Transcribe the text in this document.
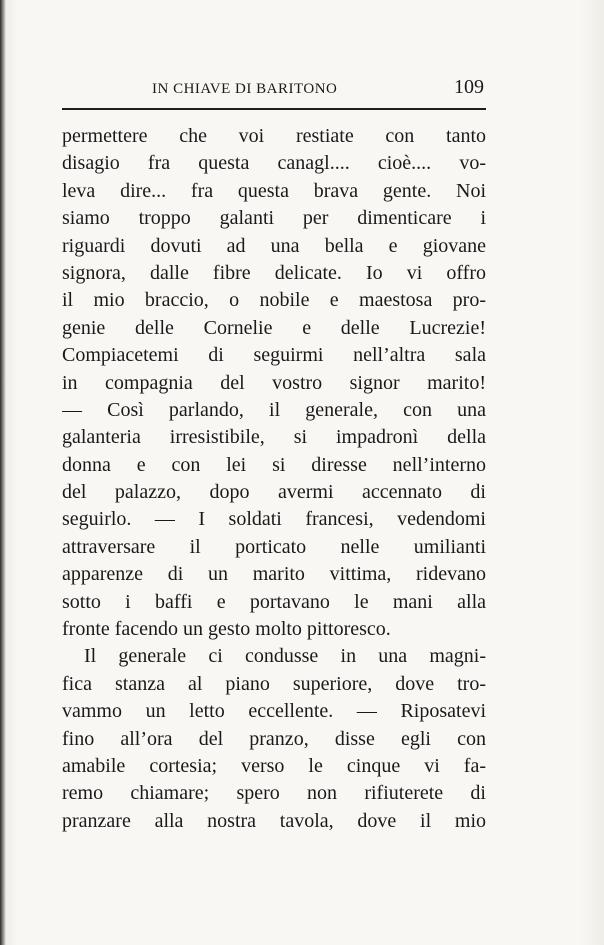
IN CHIAVE DI BARITONO	109
permettere che voi restiate con tanto
disagio fra questa canagl.... cioè.... vo-
leva dire... fra questa brava gente. Noi
siamo troppo galanti per dimenticare i
riguardi dovuti ad una bella e giovane
signora, dalle fibre delicate. Io vi offro
il mio braccio, o nobile e maestosa pro-
genie delle Cornelie e delle Lucrezie!
Compiacetemi di seguirmi nell’altra sala
in compagnia del vostro signor marito!
— Così parlando, il generale, con una
galanteria irresistibile, si impadronì della
donna e con lei si diresse nell’interno
del palazzo, dopo avermi accennato di
seguirlo. — I soldati francesi, vedendomi
attraversare il porticato nelle umilianti
apparenze di un marito vittima, ridevano
sotto i baffi e portavano le mani alla
fronte facendo un gesto molto pittoresco.
Il generale ci condusse in una magni-
fica stanza al piano superiore, dove tro-
vammo un letto eccellente. — Riposatevi
fino all’ora del pranzo, disse egli con
amabile cortesia; verso le cinque vi fa-
remo chiamare; spero non rifiuterete di
pranzare alla nostra tavola, dove il mio
